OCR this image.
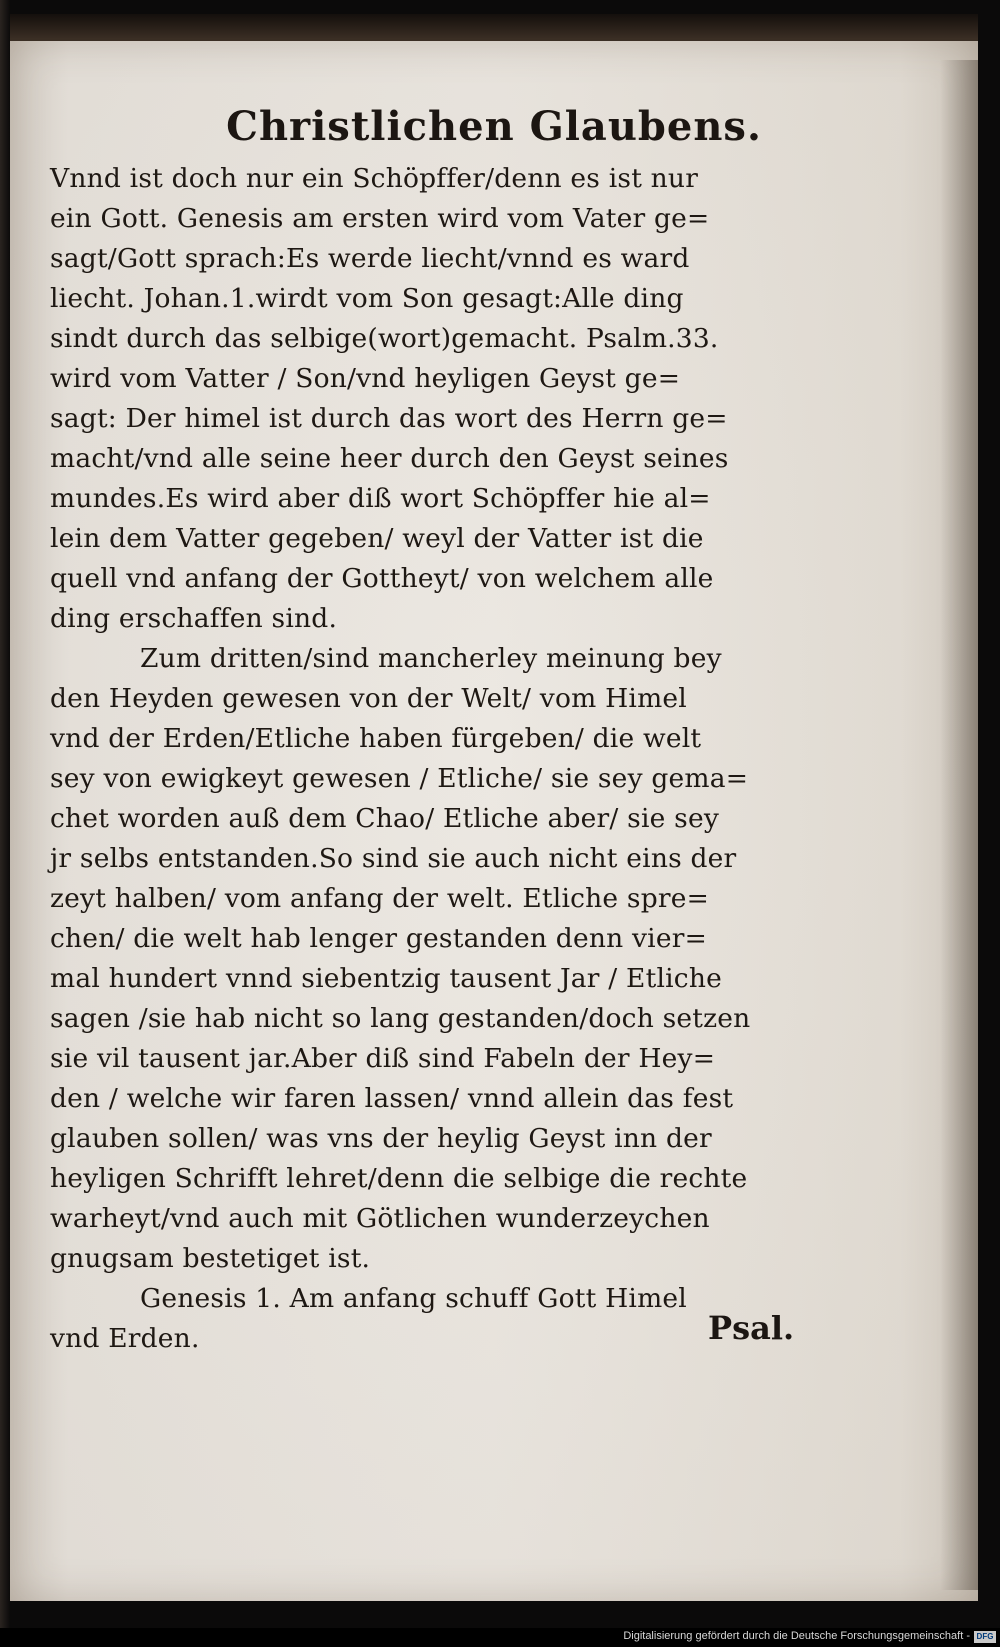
Christlichen Glaubens.
Vnnd ist doch nur ein Schöpffer/denn es ist nur
ein Gott. Genesis am ersten wird vom Vater ge=
sagt/Gott sprach:Es werde liecht/vnnd es ward
liecht. Johan.1.wirdt vom Son gesagt:Alle ding
sindt durch das selbige(wort)gemacht. Psalm.33.
wird vom Vatter / Son/vnd heyligen Geyst ge=
sagt: Der himel ist durch das wort des Herrn ge=
macht/vnd alle seine heer durch den Geyst seines
mundes.Es wird aber diß wort Schöpffer hie al=
lein dem Vatter gegeben/ weyl der Vatter ist die
quell vnd anfang der Gottheyt/ von welchem alle
ding erschaffen sind.
Zum dritten/sind mancherley meinung bey
den Heyden gewesen von der Welt/ vom Himel
vnd der Erden/Etliche haben fürgeben/ die welt
sey von ewigkeyt gewesen / Etliche/ sie sey gema=
chet worden auß dem Chao/ Etliche aber/ sie sey
jr selbs entstanden.So sind sie auch nicht eins der
zeyt halben/ vom anfang der welt. Etliche spre=
chen/ die welt hab lenger gestanden denn vier=
mal hundert vnnd siebentzig tausent Jar / Etliche
sagen /sie hab nicht so lang gestanden/doch setzen
sie vil tausent jar.Aber diß sind Fabeln der Hey=
den / welche wir faren lassen/ vnnd allein das fest
glauben sollen/ was vns der heylig Geyst inn der
heyligen Schrifft lehret/denn die selbige die rechte
warheyt/vnd auch mit Götlichen wunderzeychen
gnugsam bestetiget ist.
Genesis 1. Am anfang schuff Gott Himel
vnd Erden.	Psal.
Digitalisierung gefördert durch die Deutsche Forschungsgemeinschaft - DFG
